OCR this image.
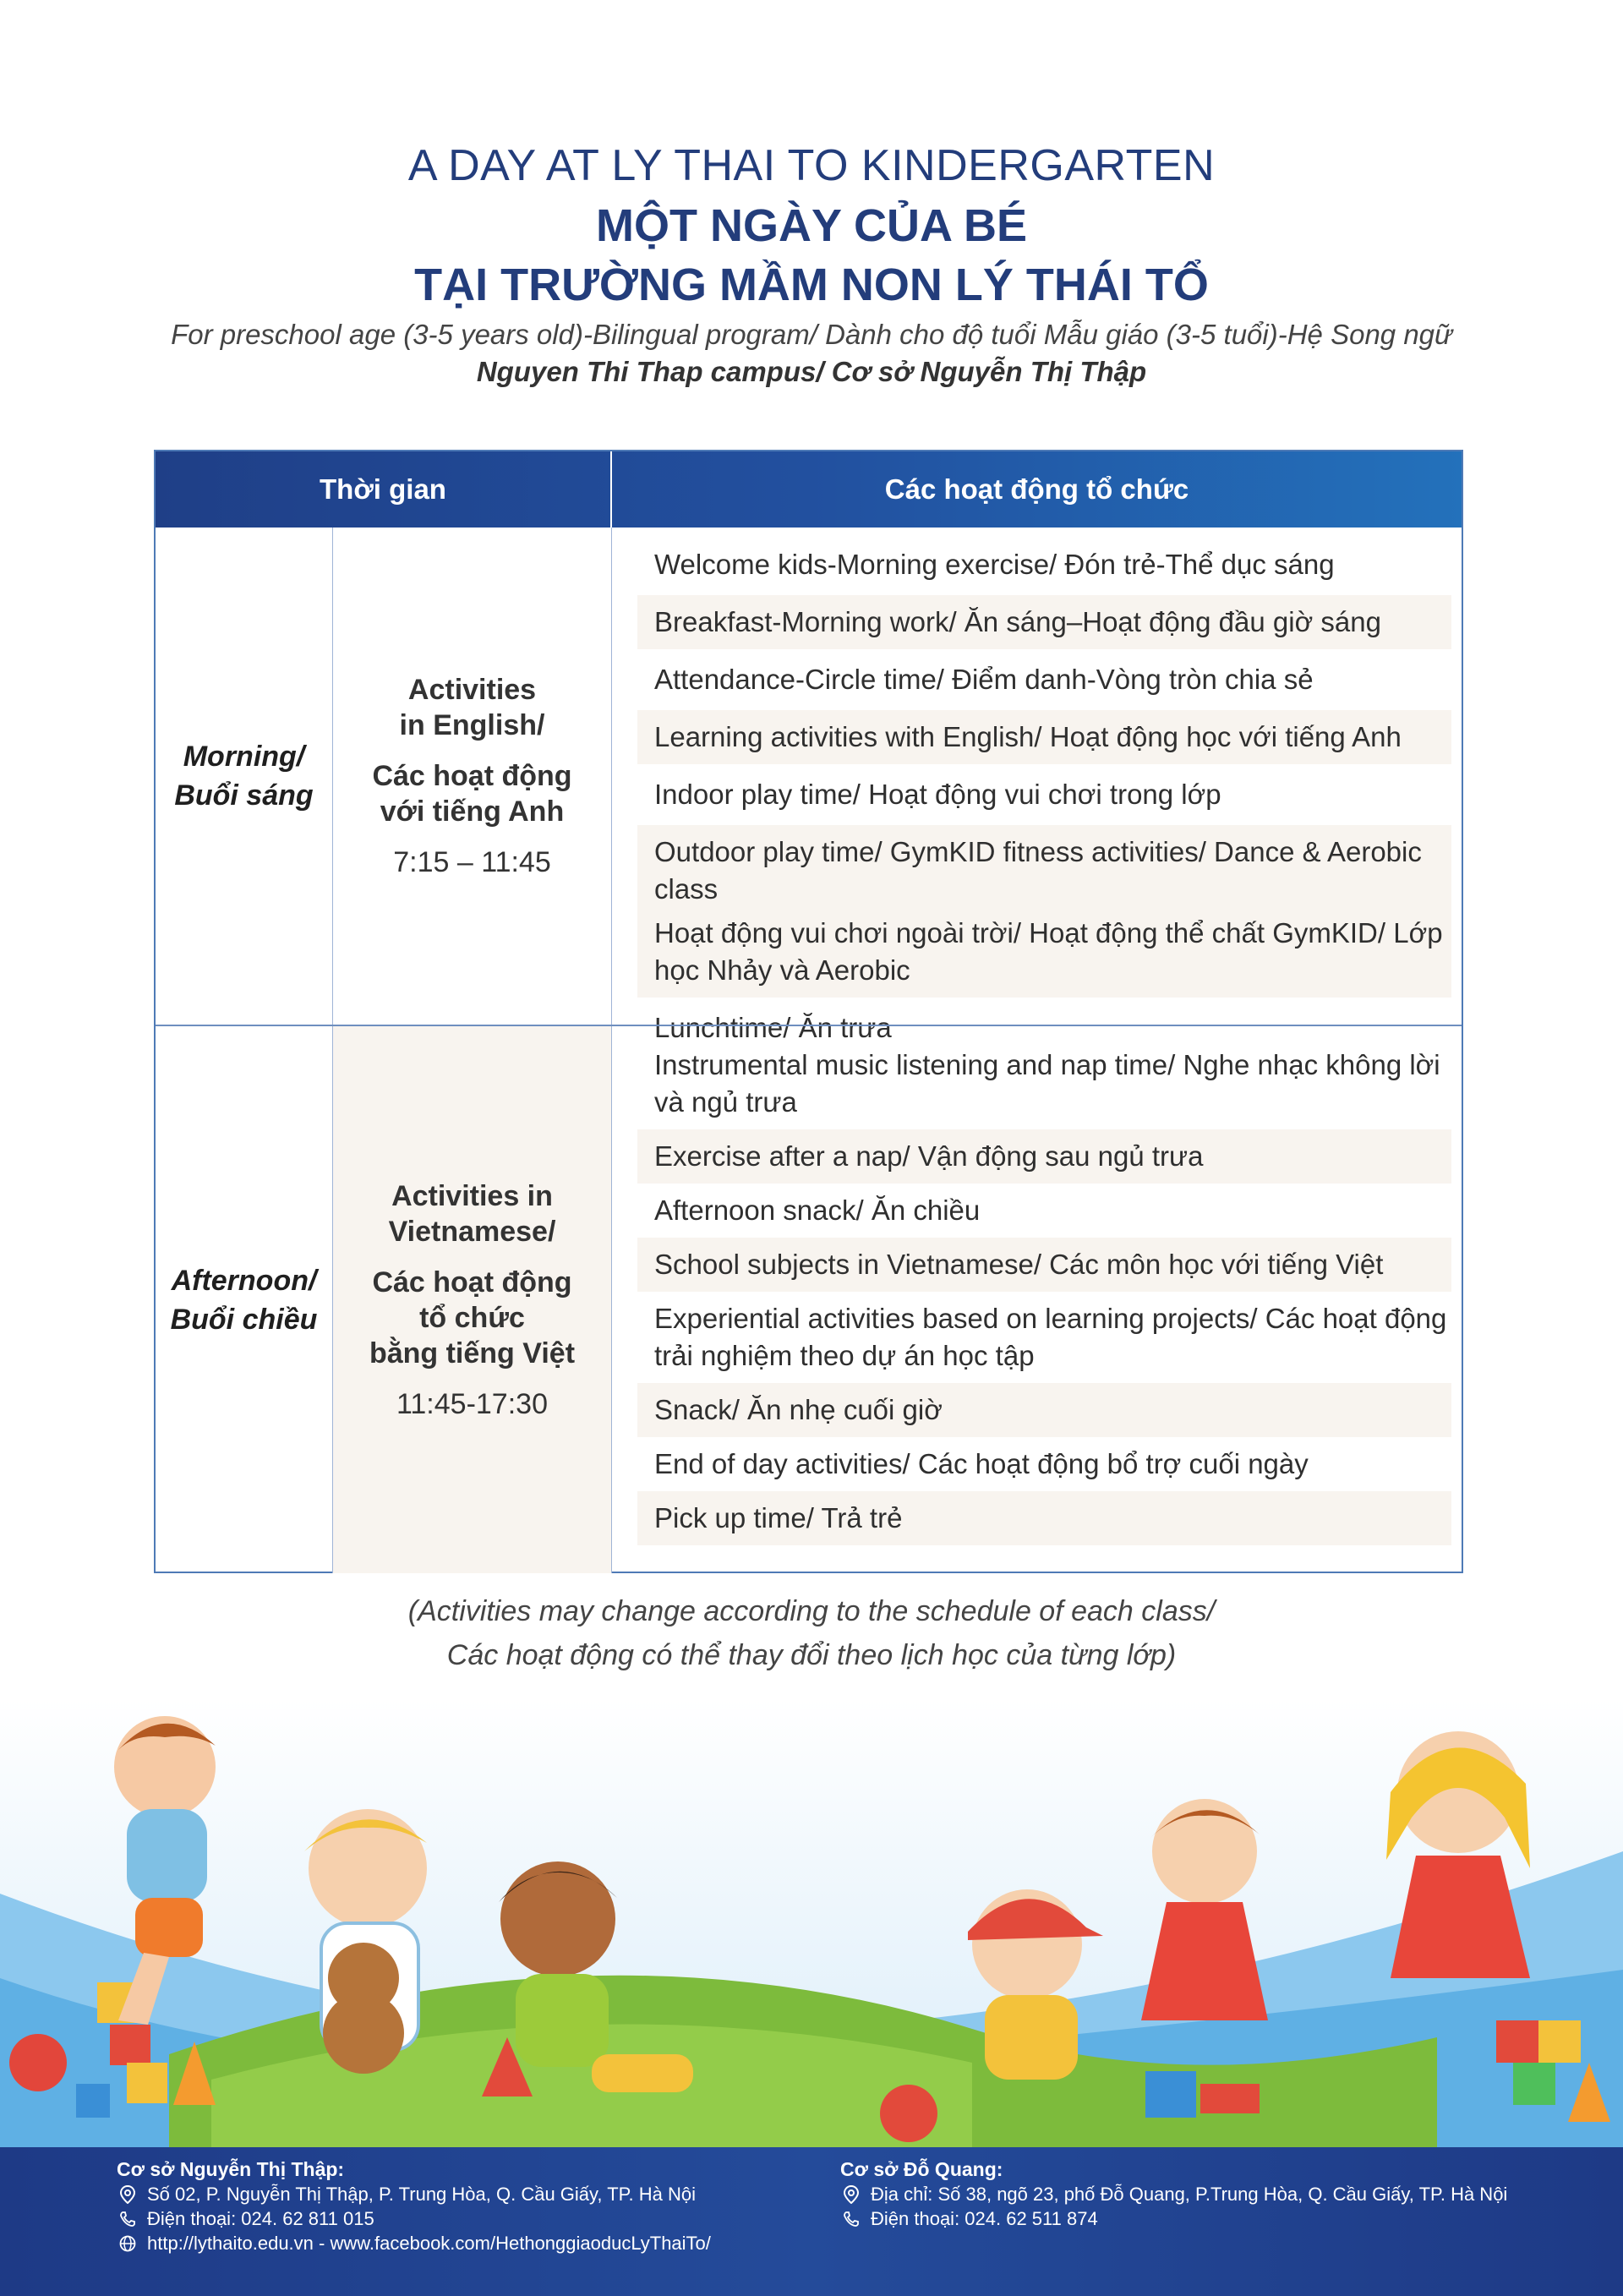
A DAY AT LY THAI TO KINDERGARTEN
MỘT NGÀY CỦA BÉ
TẠI TRƯỜNG MẦM NON LÝ THÁI TỔ
For preschool age (3-5 years old)-Bilingual program/ Dành cho độ tuổi Mẫu giáo (3-5 tuổi)-Hệ Song ngữ
Nguyen Thi Thap campus/ Cơ sở Nguyễn Thị Thập
Thời gian	Các hoạt động tổ chức
Morning/
Buổi sáng
Activities
in English/
Các hoạt động
với tiếng Anh
7:15 – 11:45
Welcome kids-Morning exercise/ Đón trẻ-Thể dục sáng
Breakfast-Morning work/ Ăn sáng–Hoạt động đầu giờ sáng
Attendance-Circle time/ Điểm danh-Vòng tròn chia sẻ
Learning activities with English/ Hoạt động học với tiếng Anh
Indoor play time/ Hoạt động vui chơi trong lớp
Outdoor play time/ GymKID fitness activities/ Dance & Aerobic class
Hoạt động vui chơi ngoài trời/ Hoạt động thể chất GymKID/ Lớp học Nhảy và Aerobic
Lunchtime/ Ăn trưa
Afternoon/
Buổi chiều
Activities in
Vietnamese/
Các hoạt động
tổ chức
bằng tiếng Việt
11:45-17:30
Instrumental music listening and nap time/ Nghe nhạc không lời và ngủ trưa
Exercise after a nap/ Vận động sau ngủ trưa
Afternoon snack/ Ăn chiều
School subjects in Vietnamese/ Các môn học với tiếng Việt
Experiential activities based on learning projects/ Các hoạt động trải nghiệm theo dự án học tập
Snack/ Ăn nhẹ cuối giờ
End of day activities/ Các hoạt động bổ trợ cuối ngày
Pick up time/ Trả trẻ
(Activities may change according to the schedule of each class/
Các hoạt động có thể thay đổi theo lịch học của từng lớp)
Cơ sở Nguyễn Thị Thập:
Số 02, P. Nguyễn Thị Thập, P. Trung Hòa, Q. Cầu Giấy, TP. Hà Nội
Điện thoại: 024. 62 811 015
http://lythaito.edu.vn - www.facebook.com/HethonggiaoducLyThaiTo/
Cơ sở Đỗ Quang:
Địa chỉ: Số 38, ngõ 23, phố Đỗ Quang, P.Trung Hòa, Q. Cầu Giấy, TP. Hà Nội
Điện thoại: 024. 62 511 874
